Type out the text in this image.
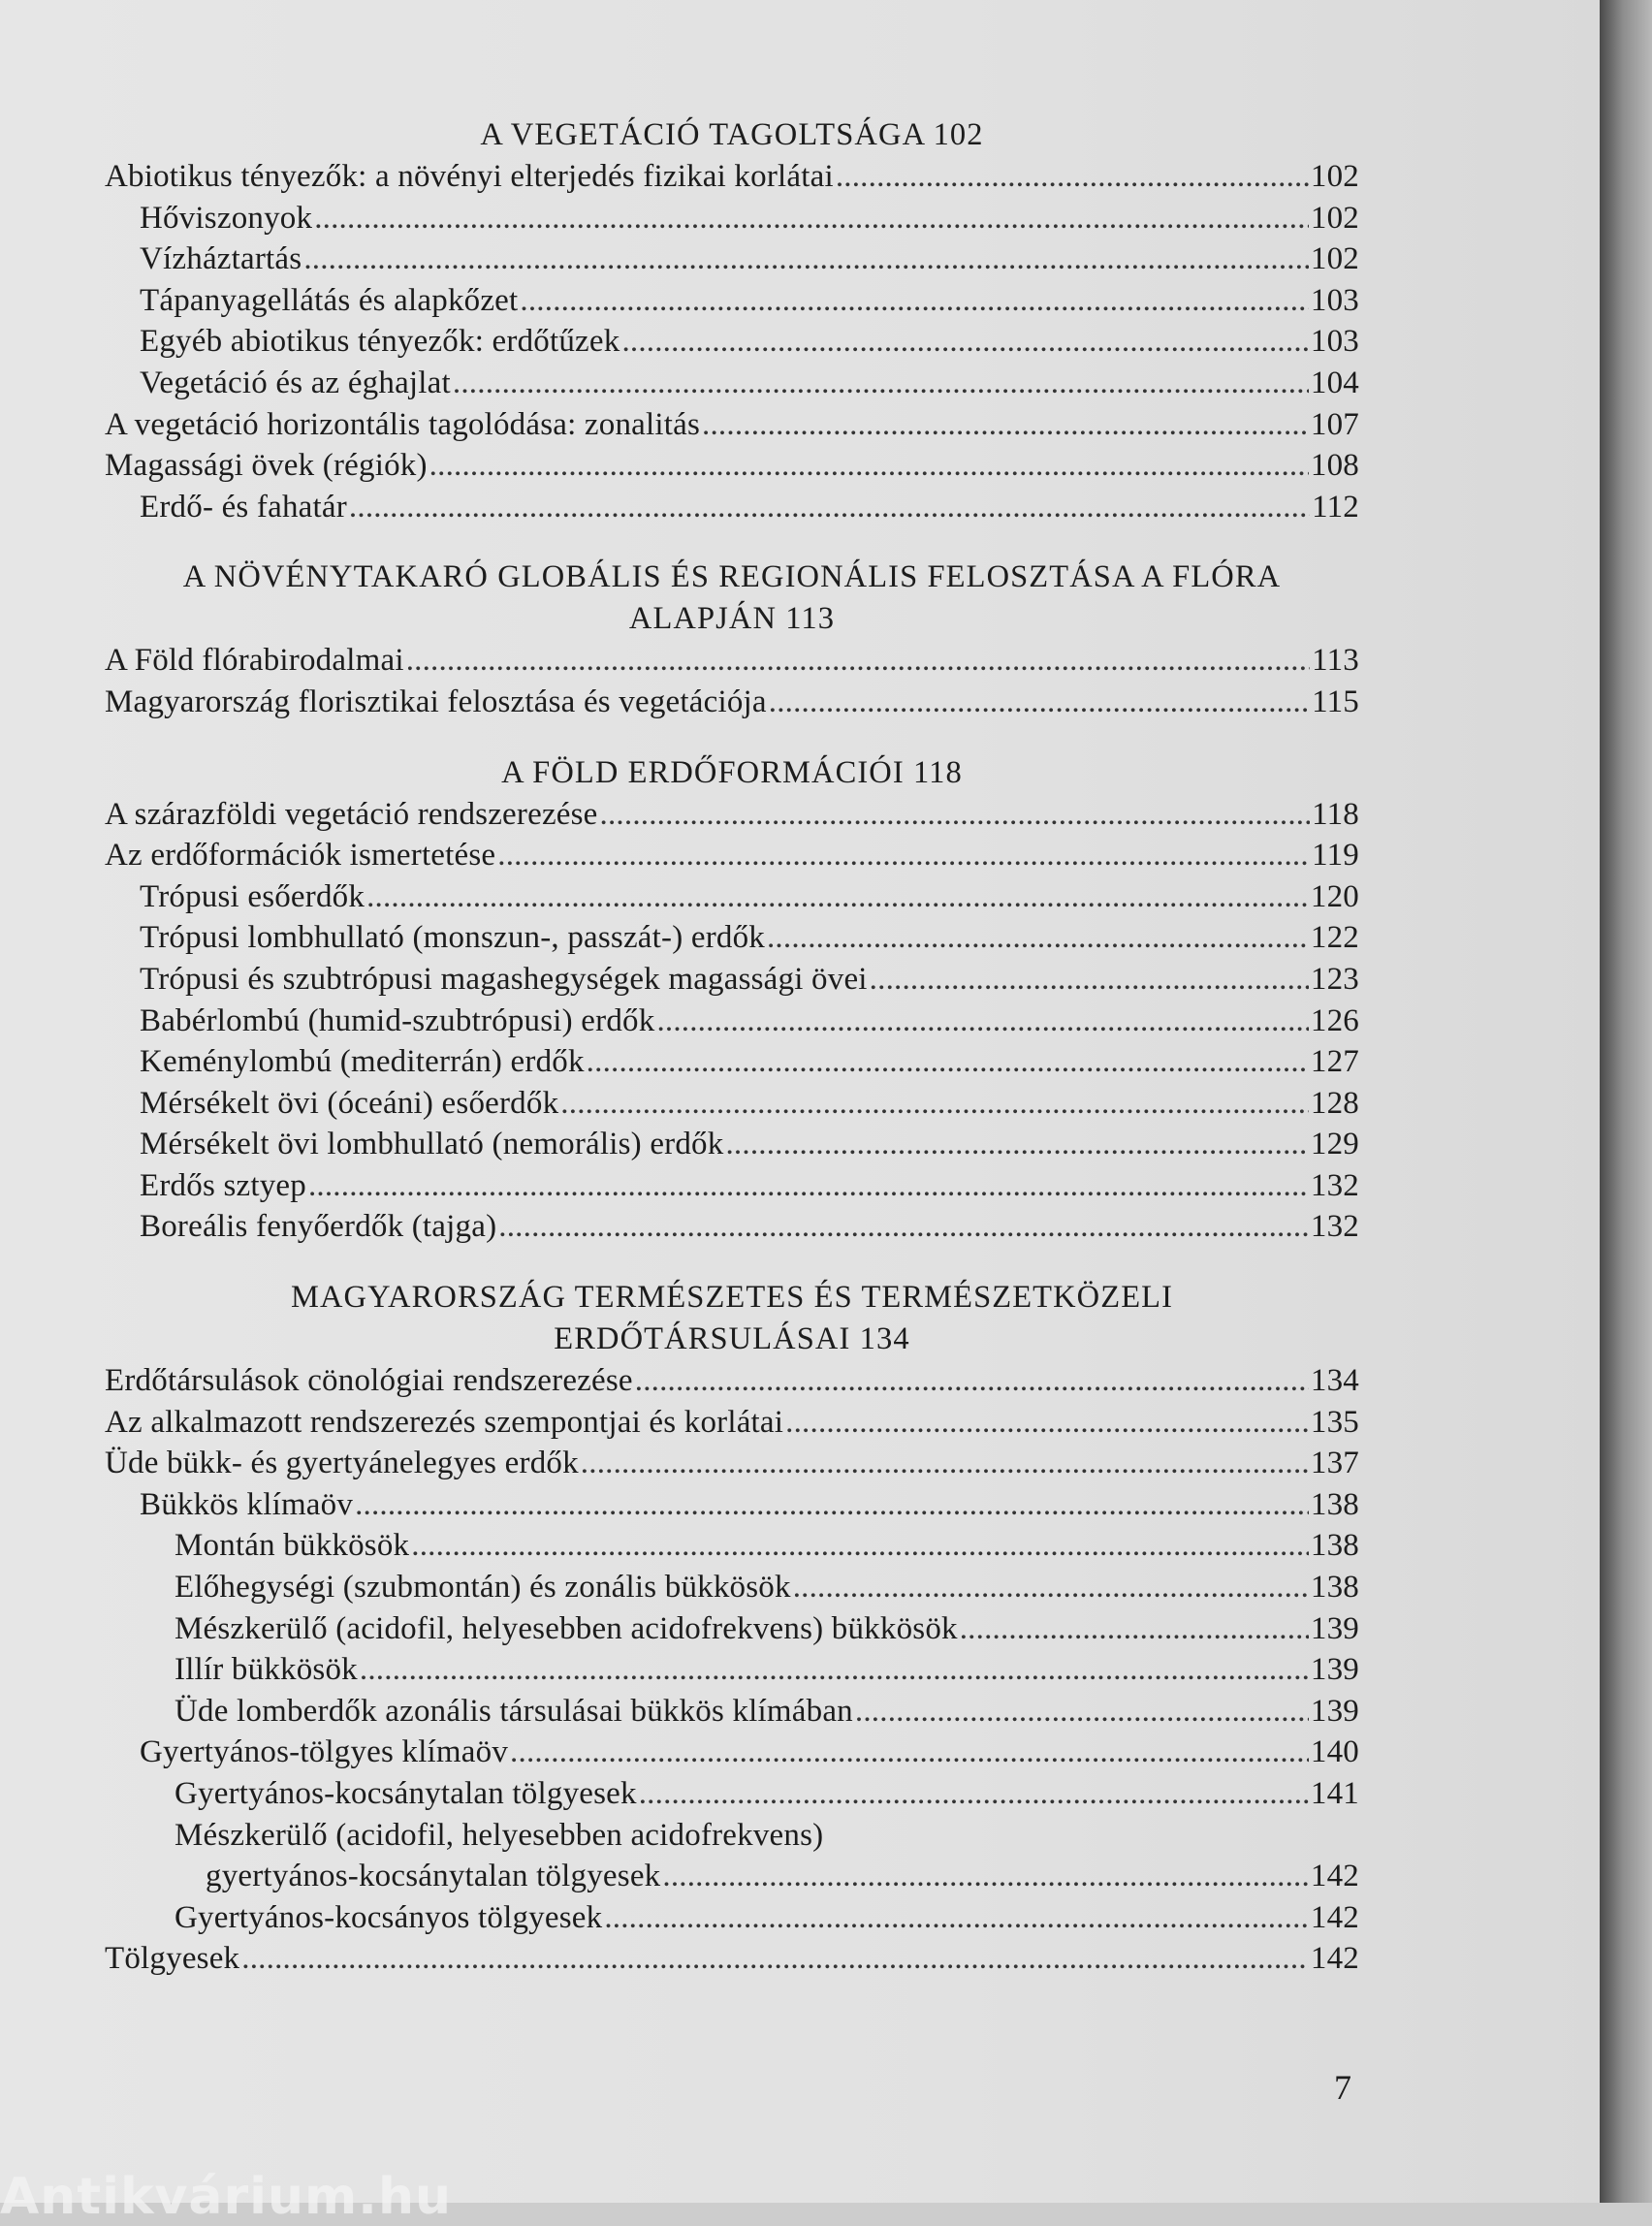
A VEGETÁCIÓ TAGOLTSÁGA 102

Abiotikus tényezők: a növényi elterjedés fizikai korlátai .....	102
Hőviszonyok .....	102
Vízháztartás .....	102
Tápanyagellátás és alapkőzet .....	103
Egyéb abiotikus tényezők: erdőtűzek .....	103
Vegetáció és az éghajlat .....	104
A vegetáció horizontális tagolódása: zonalitás .....	107
Magassági övek (régiók) .....	108
Erdő- és fahatár .....	112

A NÖVÉNYTAKARÓ GLOBÁLIS ÉS REGIONÁLIS FELOSZTÁSA A FLÓRA

ALAPJÁN 113

A Föld flórabirodalmai .....	113
Magyarország florisztikai felosztása és vegetációja .....	115

A FÖLD ERDŐFORMÁCIÓI 118

A szárazföldi vegetáció rendszerezése .....	118
Az erdőformációk ismertetése .....	119
Trópusi esőerdők .....	120
Trópusi lombhullató (monszun-, passzát-) erdők .....	122
Trópusi és szubtrópusi magashegységek magassági övei .....	123
Babérlombú (humid-szubtrópusi) erdők .....	126
Keménylombú (mediterrán) erdők .....	127
Mérsékelt övi (óceáni) esőerdők .....	128
Mérsékelt övi lombhullató (nemorális) erdők .....	129
Erdős sztyep .....	132
Boreális fenyőerdők (tajga) .....	132

MAGYARORSZÁG TERMÉSZETES ÉS TERMÉSZETKÖZELI

ERDŐTÁRSULÁSAI 134

Erdőtársulások cönológiai rendszerezése .....	134
Az alkalmazott rendszerezés szempontjai és korlátai .....	135
Üde bükk- és gyertyánelegyes erdők .....	137
Bükkös klímaöv .....	138
Montán bükkösök .....	138
Előhegységi (szubmontán) és zonális bükkösök .....	138
Mészkerülő (acidofil, helyesebben acidofrekvens) bükkösök .....	139
Illír bükkösök .....	139
Üde lomberdők azonális társulásai bükkös klímában .....	139
Gyertyános-tölgyes klímaöv .....	140
Gyertyános-kocsánytalan tölgyesek .....	141
Mészkerülő (acidofil, helyesebben acidofrekvens)
gyertyános-kocsánytalan tölgyesek .....	142
Gyertyános-kocsányos tölgyesek .....	142
Tölgyesek .....	142
7
Antikvárium.hu
